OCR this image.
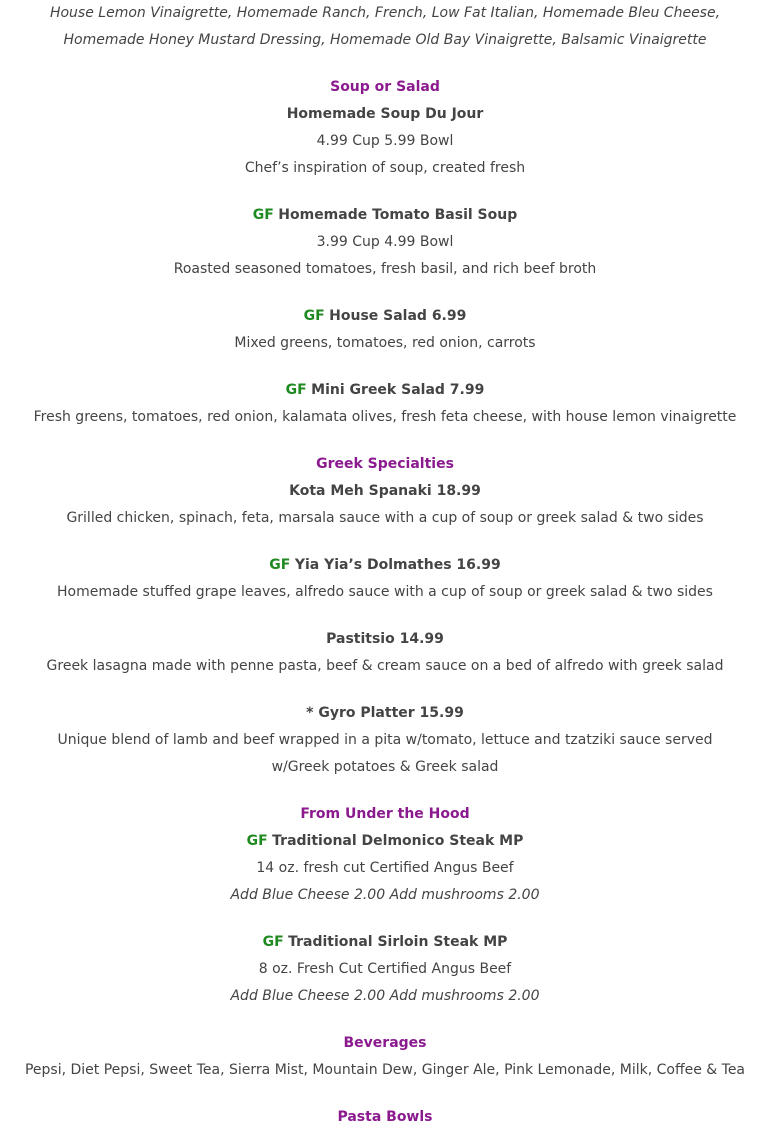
House Lemon Vinaigrette, Homemade Ranch, French, Low Fat Italian, Homemade Bleu Cheese,
Homemade Honey Mustard Dressing, Homemade Old Bay Vinaigrette, Balsamic Vinaigrette
Soup or Salad
Homemade Soup Du Jour
4.99 Cup 5.99 Bowl
Chef’s inspiration of soup, created fresh
GF Homemade Tomato Basil Soup
3.99 Cup 4.99 Bowl
Roasted seasoned tomatoes, fresh basil, and rich beef broth
GF House Salad 6.99
Mixed greens, tomatoes, red onion, carrots
GF Mini Greek Salad 7.99
Fresh greens, tomatoes, red onion, kalamata olives, fresh feta cheese, with house lemon vinaigrette
Greek Specialties
Kota Meh Spanaki 18.99
Grilled chicken, spinach, feta, marsala sauce with a cup of soup or greek salad & two sides
GF Yia Yia’s Dolmathes 16.99
Homemade stuffed grape leaves, alfredo sauce with a cup of soup or greek salad & two sides
Pastitsio 14.99
Greek lasagna made with penne pasta, beef & cream sauce on a bed of alfredo with greek salad
* Gyro Platter 15.99
Unique blend of lamb and beef wrapped in a pita w/tomato, lettuce and tzatziki sauce served w/Greek potatoes & Greek salad
From Under the Hood
GF Traditional Delmonico Steak MP
14 oz. fresh cut Certified Angus Beef
Add Blue Cheese 2.00 Add mushrooms 2.00
GF Traditional Sirloin Steak MP
8 oz. Fresh Cut Certified Angus Beef
Add Blue Cheese 2.00 Add mushrooms 2.00
Beverages
Pepsi, Diet Pepsi, Sweet Tea, Sierra Mist, Mountain Dew, Ginger Ale, Pink Lemonade, Milk, Coffee & Tea
Pasta Bowls
